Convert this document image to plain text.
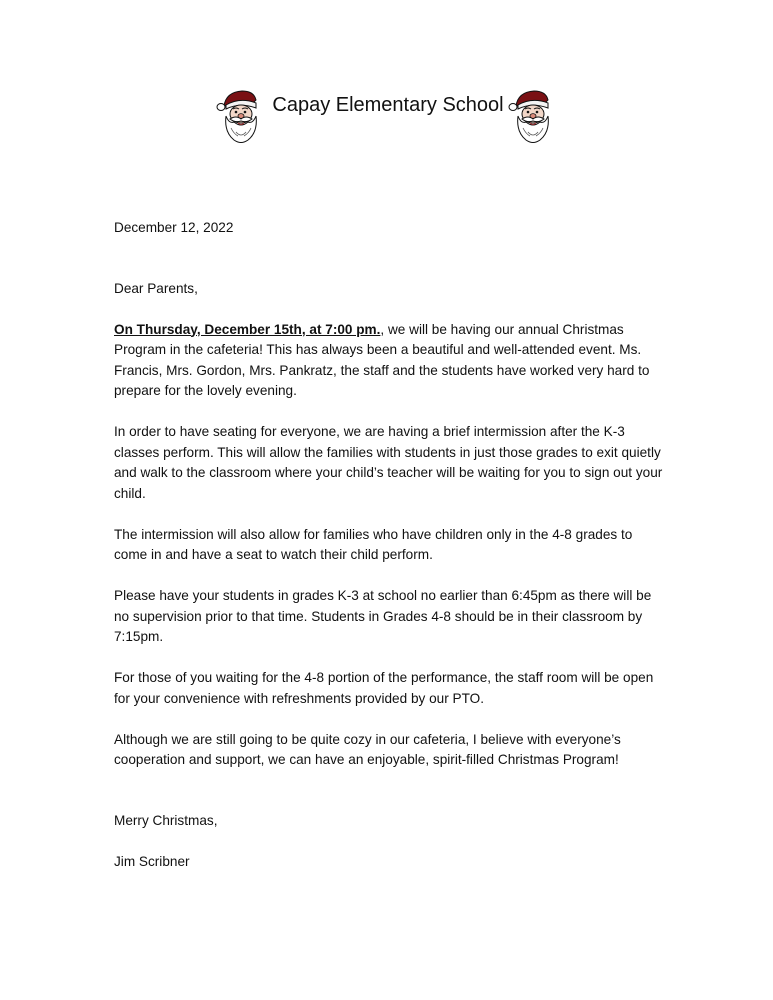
Capay Elementary School

December 12, 2022

Dear Parents,

On Thursday, December 15th, at 7:00 pm., we will be having our annual Christmas Program in the cafeteria! This has always been a beautiful and well-attended event. Ms. Francis, Mrs. Gordon, Mrs. Pankratz, the staff and the students have worked very hard to prepare for the lovely evening.

In order to have seating for everyone, we are having a brief intermission after the K-3 classes perform. This will allow the families with students in just those grades to exit quietly and walk to the classroom where your child’s teacher will be waiting for you to sign out your child.

The intermission will also allow for families who have children only in the 4-8 grades to come in and have a seat to watch their child perform.

Please have your students in grades K-3 at school no earlier than 6:45pm as there will be no supervision prior to that time. Students in Grades 4-8 should be in their classroom by 7:15pm.

For those of you waiting for the 4-8 portion of the performance, the staff room will be open for your convenience with refreshments provided by our PTO.

Although we are still going to be quite cozy in our cafeteria, I believe with everyone’s cooperation and support, we can have an enjoyable, spirit-filled Christmas Program!

Merry Christmas,

Jim Scribner
